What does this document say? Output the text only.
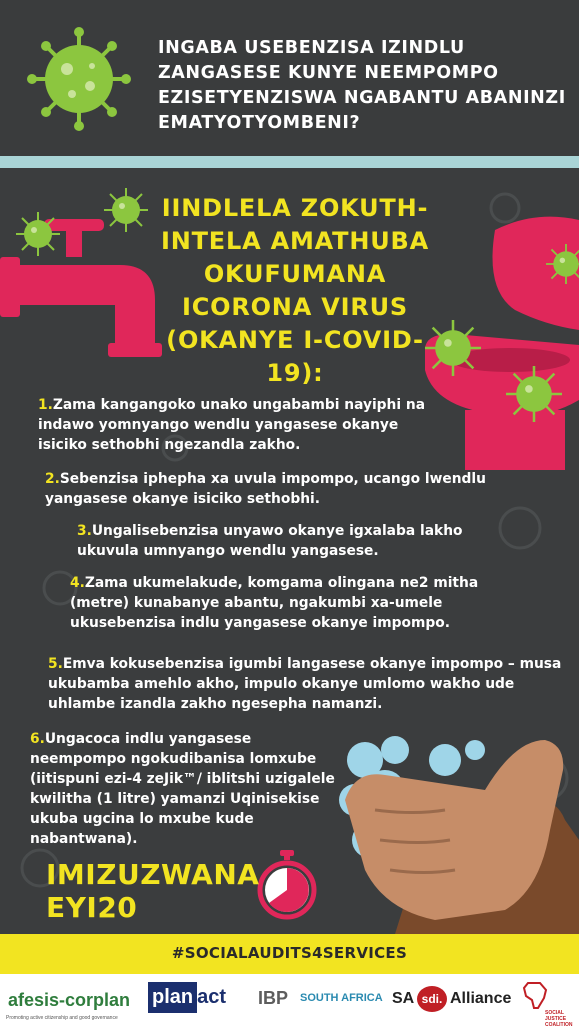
INGABA USEBENZISA IZINDLU ZANGASESE KUNYE NEEMPOMPO EZISETYENZISWA NGABANTU ABANINZI EMATYOTYOMBENI?
IINDLELA ZOKUTH-INTELA AMATHUBA OKUFUMANA ICORONA VIRUS (OKANYE I-COVID-19):
1.Zama kangangoko unako ungabambi nayiphi na indawo yomnyango wendlu yangasese okanye isiciko sethobhi ngezandla zakho.
2.Sebenzisa iphepha xa uvula impompo, ucango lwendlu yangasese okanye isiciko sethobhi.
3.Ungalisebenzisa unyawo okanye igxalaba lakho ukuvula umnyango wendlu yangasese.
4.Zama ukumelakude, komgama olingana ne2 mitha (metre) kunabanye abantu, ngakumbi xa-umele ukusebenzisa indlu yangasese okanye impompo.
5.Emva kokusebenzisa igumbi langasese okanye impompo – musa ukubamba amehlo akho, impulo okanye umlomo wakho ude uhlambe izandla zakho ngesepha namanzi.
6.Ungacoca indlu yangasese neempompo ngokudibanisa lomxube (iitispuni ezi-4 zeJik™/ iblitshi uzigalele kwilitha (1 litre) yamanzi Uqinisekise ukuba ugcina lo mxube kude nabantwana).
IMIZUZWANA EYI20
#SOCIALAUDITS4SERVICES
afesis-corplan
Promoting active citizenship and good governance
plan act IBP SOUTH AFRICA SA sdi. Alliance
SOCIAL JUSTICE COALITION
